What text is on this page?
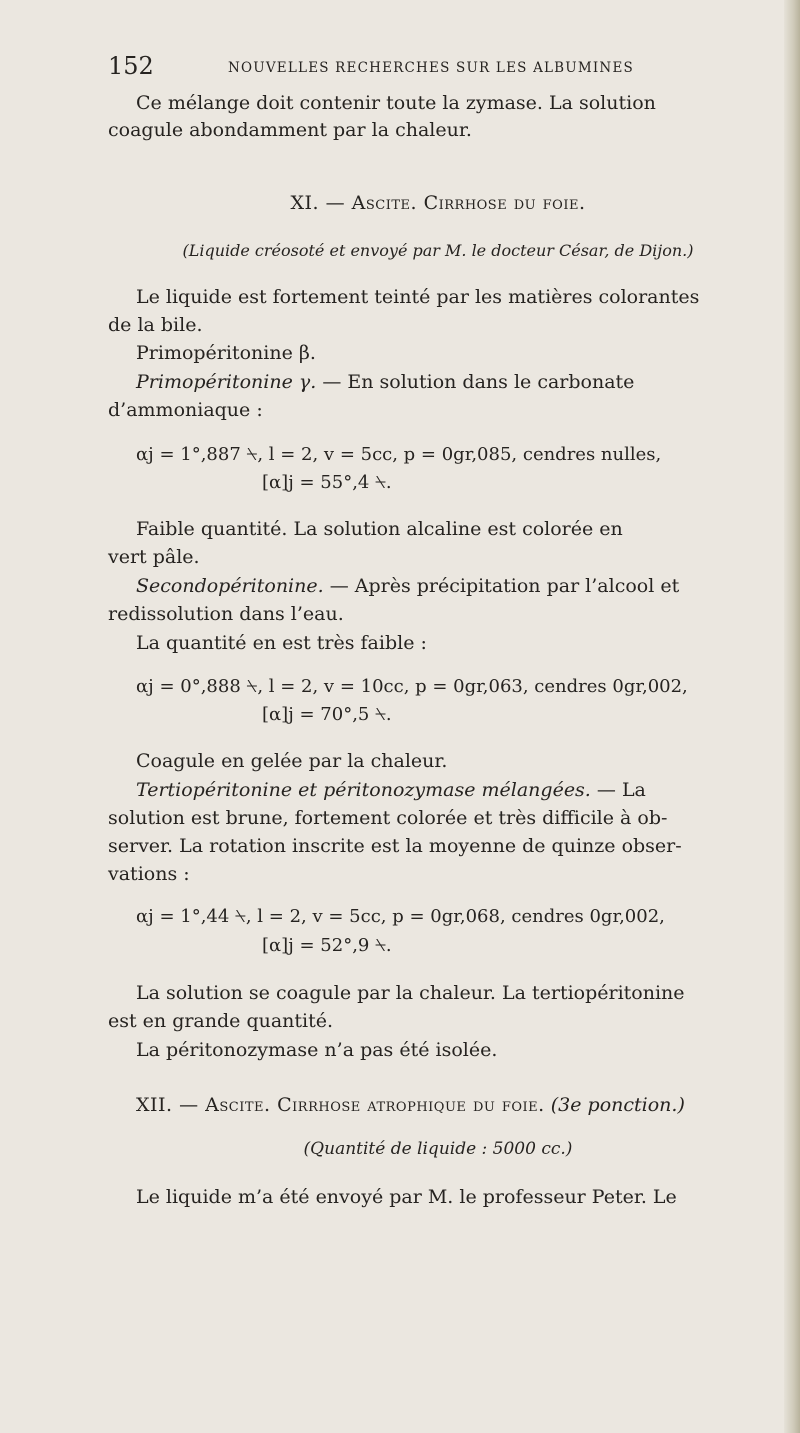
152	NOUVELLES RECHERCHES SUR LES ALBUMINES
Ce mélange doit contenir toute la zymase. La solution
coagule abondamment par la chaleur.
XI. — Ascite. Cirrhose du foie.
(Liquide créosoté et envoyé par M. le docteur César, de Dijon.)
Le liquide est fortement teinté par les matières colorantes
de la bile.
Primopéritonine β.
Primopéritonine γ. — En solution dans le carbonate
d’ammoniaque :
αj = 1°,887 ⍀, l = 2, v = 5cc, p = 0gr,085, cendres nulles,
[α]j = 55°,4 ⍀.
Faible quantité. La solution alcaline est colorée en
vert pâle.
Secondopéritonine. — Après précipitation par l’alcool et
redissolution dans l’eau.
La quantité en est très faible :
αj = 0°,888 ⍀, l = 2, v = 10cc, p = 0gr,063, cendres 0gr,002,
[α]j = 70°,5 ⍀.
Coagule en gelée par la chaleur.
Tertiopéritonine et péritonozymase mélangées. — La
solution est brune, fortement colorée et très difficile à ob-
server. La rotation inscrite est la moyenne de quinze obser-
vations :
αj = 1°,44 ⍀, l = 2, v = 5cc, p = 0gr,068, cendres 0gr,002,
[α]j = 52°,9 ⍀.
La solution se coagule par la chaleur. La tertiopéritonine
est en grande quantité.
La péritonozymase n’a pas été isolée.
XII. — Ascite. Cirrhose atrophique du foie. (3e ponction.)
(Quantité de liquide : 5000 cc.)
Le liquide m’a été envoyé par M. le professeur Peter. Le
